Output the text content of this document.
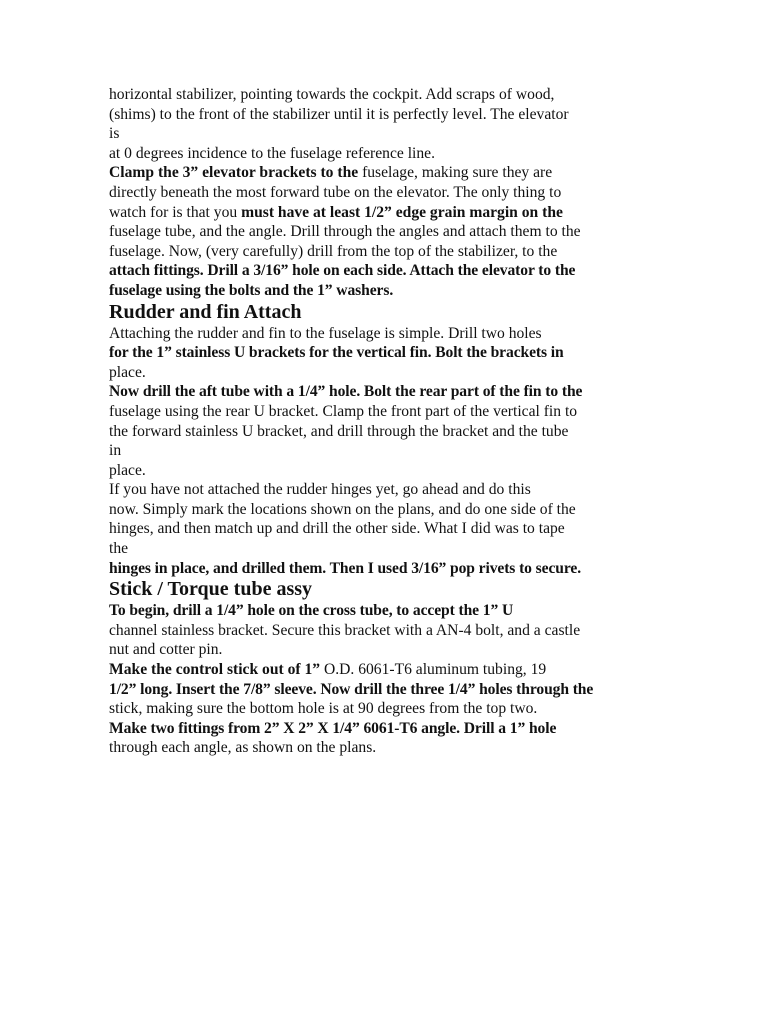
horizontal stabilizer, pointing towards the cockpit. Add scraps of wood,

(shims) to the front of the stabilizer until it is perfectly level. The elevator

is

at 0 degrees incidence to the fuselage reference line.

Clamp the 3” elevator brackets to the fuselage, making sure they are

directly beneath the most forward tube on the elevator. The only thing to

watch for is that you must have at least 1/2” edge grain margin on the

fuselage tube, and the angle. Drill through the angles and attach them to the

fuselage. Now, (very carefully) drill from the top of the stabilizer, to the

attach fittings. Drill a 3/16” hole on each side. Attach the elevator to the

fuselage using the bolts and the 1” washers.

Rudder and fin Attach

Attaching the rudder and fin to the fuselage is simple. Drill two holes

for the 1” stainless U brackets for the vertical fin. Bolt the brackets in

place.

Now drill the aft tube with a 1/4” hole. Bolt the rear part of the fin to the

fuselage using the rear U bracket. Clamp the front part of the vertical fin to

the forward stainless U bracket, and drill through the bracket and the tube

in

place.

If you have not attached the rudder hinges yet, go ahead and do this

now. Simply mark the locations shown on the plans, and do one side of the

hinges, and then match up and drill the other side. What I did was to tape

the

hinges in place, and drilled them. Then I used 3/16” pop rivets to secure.

Stick / Torque tube assy

To begin, drill a 1/4” hole on the cross tube, to accept the 1” U

channel stainless bracket. Secure this bracket with a AN-4 bolt, and a castle

nut and cotter pin.

Make the control stick out of 1” O.D. 6061-T6 aluminum tubing, 19

1/2” long. Insert the 7/8” sleeve. Now drill the three 1/4” holes through the

stick, making sure the bottom hole is at 90 degrees from the top two.

Make two fittings from 2” X 2” X 1/4” 6061-T6 angle. Drill a 1” hole

through each angle, as shown on the plans.
